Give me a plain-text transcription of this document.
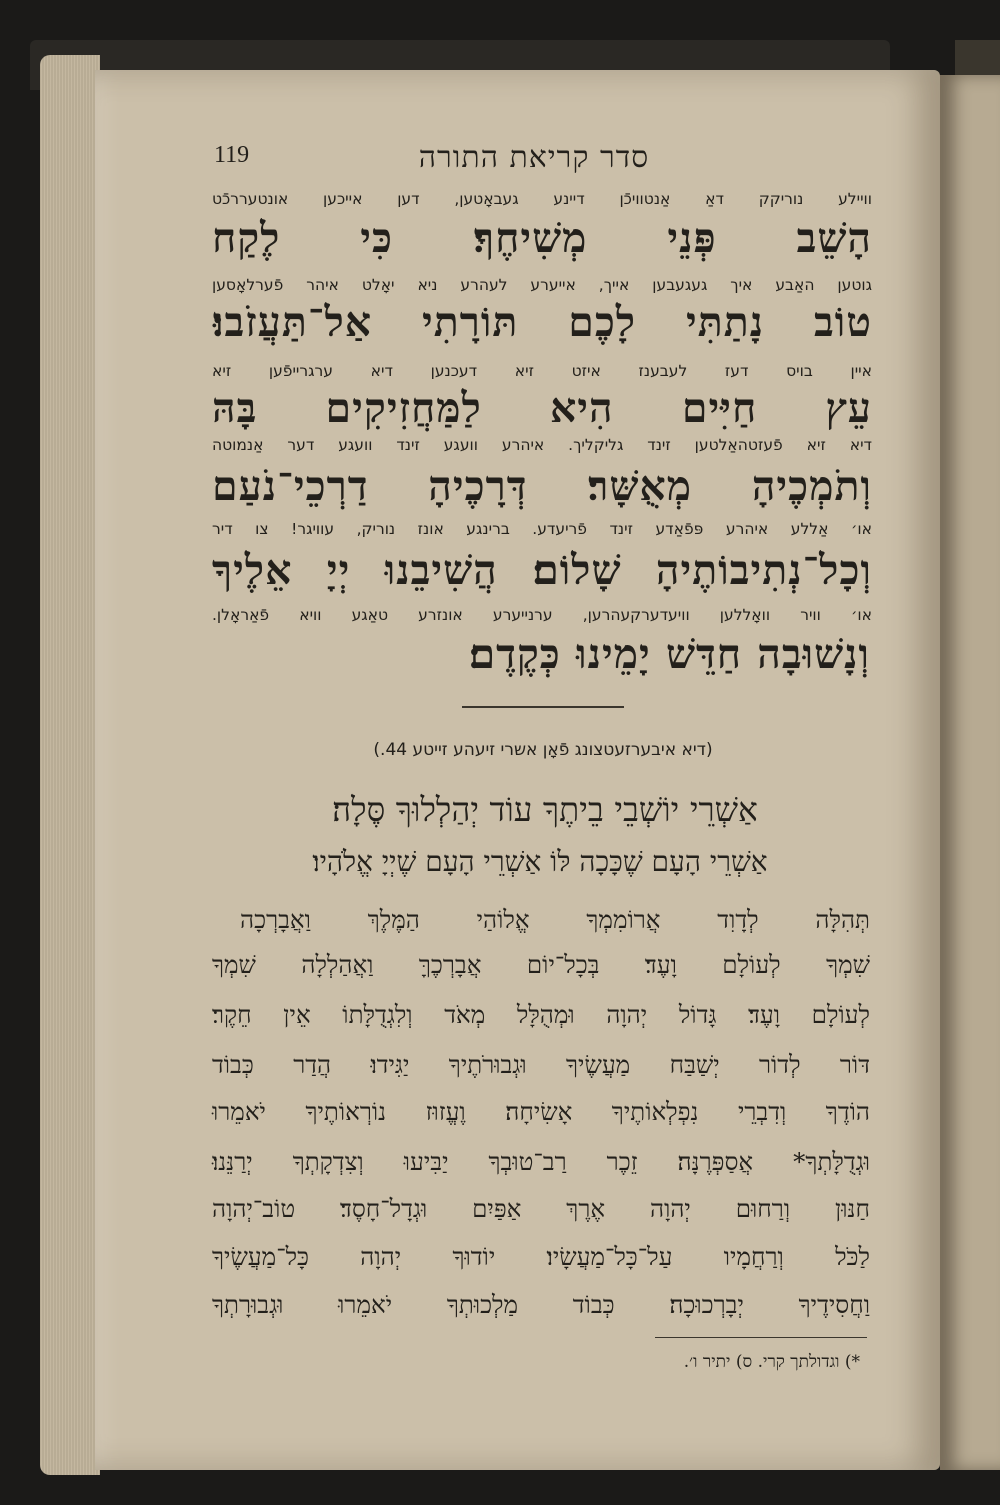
119	סדר קריאת התורה
וויילע נוריקק דאַ אַנטוויכֿן דיינע געבאָטען, דען אייכען אונטעררכֿט
הָשֵׁב פְּנֵי מְשִׁיחֶךָ׃ כִּי לֶקַח
גוטען האַבע איך געגעבען אייך, אייערע לעהרע ניא יאָלט איהר פֿערלאָסען
טוֹב נָתַתִּי לָכֶם תּוֹרָתִי אַל־תַּעֲזֹבוּ׃
איין בויס דעז לעבענז איזט זיא דעכנען דיא ערגרייפֿען זיא
עֵץ חַיִּים הִיא לַמַּחֲזִיקִים בָּהּ
דיא זיא פֿעזטהאַלטען זינד גליקליך. איהרע וועגע זינד וועגע דער אַנמוטה
וְתֹמְכֶיהָ מְאֻשָּׁר׃ דְּרָכֶיהָ דַרְכֵי־נֹעַם
או׳ אַללע איהרע פּפֿאַדע זינד פֿריעדע. ברינגע אונז נוריק, עוויגר! צו דיר
וְכָל־נְתִיבוֹתֶיהָ שָׁלוֹם׃ הֲשִׁיבֵנוּ יְיָ אֵלֶיךָ
או׳ וויר וואָללען וויעדערקעהרען, ערנייערע אונזרע טאַגע וויא פֿאַראָלן.
וְנָשׁוּבָה חַדֵּשׁ יָמֵינוּ כְּקֶדֶם׃
(דיא איבערזעטצונג פֿאָן אשרי זיעהע זייטע 44.)
אַשְׁרֵי יוֹשְׁבֵי בֵיתֶךָ עוֹד יְהַלְלוּךָ סֶּלָה׃
אַשְׁרֵי הָעָם שֶׁכָּכָה לּוֹ אַשְׁרֵי הָעָם שֶׁיְיָ אֱלֹהָיו׃
תְּהִלָּה לְדָוִד אֲרוֹמִמְךָ אֱלוֹהַי הַמֶּלֶךְ וַאֲבָרְכָה
שִׁמְךָ לְעוֹלָם וָעֶד׃ בְּכָל־יוֹם אֲבָרְכֶךָּ וַאֲהַלְלָה שִׁמְךָ
לְעוֹלָם וָעֶד׃ גָּדוֹל יְהוָה וּמְהֻלָּל מְאֹד וְלִגְדֻלָּתוֹ אֵין חֵקֶר׃
דּוֹר לְדוֹר יְשַׁבַּח מַעֲשֶׂיךָ וּגְבוּרֹתֶיךָ יַגִּידוּ׃ הֲדַר כְּבוֹד
הוֹדֶךָ וְדִבְרֵי נִפְלְאוֹתֶיךָ אָשִׂיחָה׃ וֶעֱזוּז נוֹרְאוֹתֶיךָ יֹאמֵרוּ
וּגְדֻלָּתְךָ* אֲסַפְּרֶנָּה׃ זֵכֶר רַב־טוּבְךָ יַבִּיעוּ וְצִדְקָתְךָ יְרַנֵּנוּ׃
חַנּוּן וְרַחוּם יְהוָה אֶרֶךְ אַפַּיִם וּגְדָל־חָסֶד׃ טוֹב־יְהוָה
לַכֹּל וְרַחֲמָיו עַל־כָּל־מַעֲשָׂיו׃ יוֹדוּךָ יְהוָה כָּל־מַעֲשֶׂיךָ
וַחֲסִידֶיךָ יְבָרְכוּכָה׃ כְּבוֹד מַלְכוּתְךָ יֹאמֵרוּ וּגְבוּרָתְךָ
*) וגדולתך קרי. ס) יתיר ו׳.
